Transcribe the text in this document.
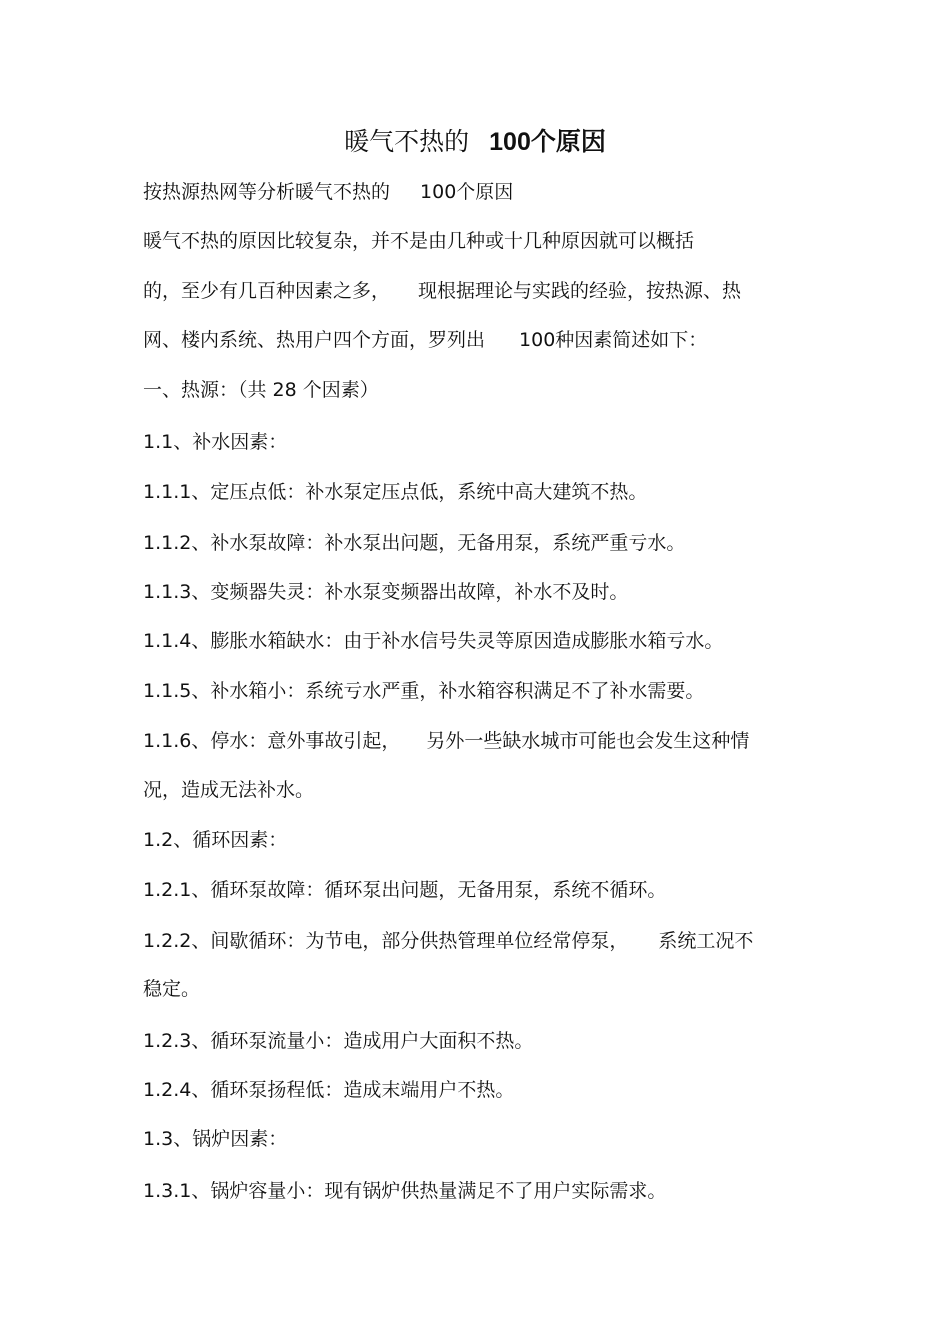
暖气不热的 100个原因
按热源热网等分析暖气不热的 100个原因
暖气不热的原因比较复杂，并不是由几种或十几种原因就可以概括
的，至少有几百种因素之多， 现根据理论与实践的经验，按热源、热
网、楼内系统、热用户四个方面，罗列出 100种因素简述如下：
一、热源：（共 28 个因素）
1.1、补水因素：
1.1.1、定压点低：补水泵定压点低，系统中高大建筑不热。
1.1.2、补水泵故障：补水泵出问题，无备用泵，系统严重亏水。
1.1.3、变频器失灵：补水泵变频器出故障，补水不及时。
1.1.4、膨胀水箱缺水：由于补水信号失灵等原因造成膨胀水箱亏水。
1.1.5、补水箱小：系统亏水严重，补水箱容积满足不了补水需要。
1.1.6、停水：意外事故引起， 另外一些缺水城市可能也会发生这种情
况，造成无法补水。
1.2、循环因素：
1.2.1、循环泵故障：循环泵出问题，无备用泵，系统不循环。
1.2.2、间歇循环：为节电，部分供热管理单位经常停泵， 系统工况不
稳定。
1.2.3、循环泵流量小：造成用户大面积不热。
1.2.4、循环泵扬程低：造成末端用户不热。
1.3、锅炉因素：
1.3.1、锅炉容量小：现有锅炉供热量满足不了用户实际需求。
